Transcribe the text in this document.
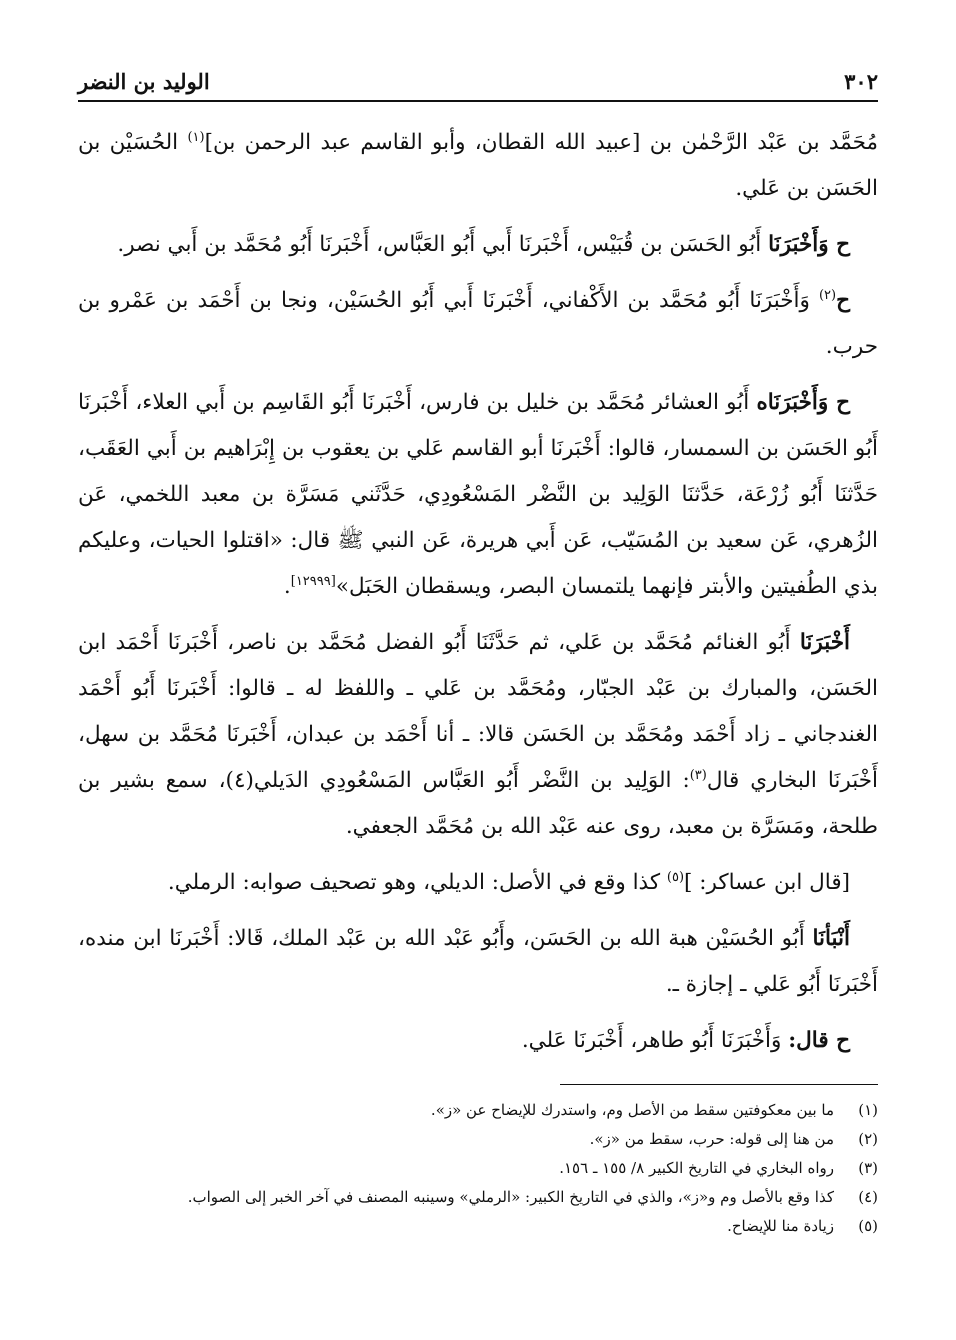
٣٠٢
الوليد بن النضر

مُحَمَّد بن عَبْد الرَّحْمٰن بن [عبيد الله القطان، وأبو القاسم عبد الرحمن بن]$^{(١)}$ الحُسَيْن بن الحَسَن بن عَلي.

ح وَأَخْبَرَنَا أَبُو الحَسَن بن قُبَيْس، أَخْبَرنَا أَبي أَبُو العَبَّاس، أَخْبَرنَا أَبُو مُحَمَّد بن أَبي نصر.

ح$^{(٢)}$ وَأَخْبَرَنَا أَبُو مُحَمَّد بن الأَكْفاني، أَخْبَرنَا أَبي أَبُو الحُسَيْن، ونجا بن أَحْمَد بن عَمْرو بن حرب.

ح وَأَخْبَرَنَاه أَبُو العشائر مُحَمَّد بن خليل بن فارس، أَخْبَرنَا أَبُو القَاسِم بن أَبي العلاء، أَخْبَرنَا أَبُو الحَسَن بن السمسار، قالوا: أَخْبَرنَا أبو القاسم عَلي بن يعقوب بن إِبْرَاهيم بن أَبي العَقَب، حَدَّثنَا أَبُو زُرْعَة، حَدَّثنَا الوَلِيد بن النَّضْر المَسْعُودِي، حَدَّثَني مَسَرَّة بن معبد اللخمي، عَن الزُهري، عَن سعيد بن المُسَيّب، عَن أَبي هريرة، عَن النبي ﷺ قال: «اقتلوا الحيات، وعليكم بذي الطُفيتين والأبتر فإنهما يلتمسان البصر، ويسقطان الحَبَل»[١٢٩٩٩].

أَخْبَرَنَا أَبُو الغنائم مُحَمَّد بن عَلي، ثم حَدَّثَنَا أَبُو الفضل مُحَمَّد بن ناصر، أَخْبَرنَا أَحْمَد ابن الحَسَن، والمبارك بن عَبْد الجبّار، ومُحَمَّد بن عَلي ـ واللفظ له ـ قالوا: أَخْبَرنَا أَبُو أَحْمَد الغندجاني ـ زاد أَحْمَد ومُحَمَّد بن الحَسَن قالا: ـ أنا أَحْمَد بن عبدان، أَخْبَرنَا مُحَمَّد بن سهل، أَخْبَرنَا البخاري قال$^{(٣)}$: الوَلِيد بن النَّضْر أَبُو العَبَّاس المَسْعُودِي الدَيلي(٤)، سمع بشير بن طلحة، ومَسَرَّة بن معبد، روى عنه عَبْد الله بن مُحَمَّد الجعفي.

[قال ابن عساكر: ]$^{(٥)}$ كذا وقع في الأصل: الديلي، وهو تصحيف صوابه: الرملي.

أَنْبَأنَا أَبُو الحُسَيْن هبة الله بن الحَسَن، وأَبُو عَبْد الله بن عَبْد الملك، قَالا: أَخْبَرنَا ابن منده، أَخْبَرنَا أَبُو عَلي ـ إجازة ـ.

ح قال: وَأَخْبَرَنَا أَبُو طاهر، أَخْبَرنَا عَلي.

(١)
ما بين معكوفتين سقط من الأصل وم، واستدرك للإيضاح عن «ز».
(٢)
من هنا إلى قوله: حرب، سقط من «ز».
(٣)
رواه البخاري في التاريخ الكبير ٨/ ١٥٥ ـ ١٥٦.
(٤)
كذا وقع بالأصل وم و«ز»، والذي في التاريخ الكبير: «الرملي» وسينبه المصنف في آخر الخبر إلى الصواب.
(٥)
زيادة منا للإيضاح.
